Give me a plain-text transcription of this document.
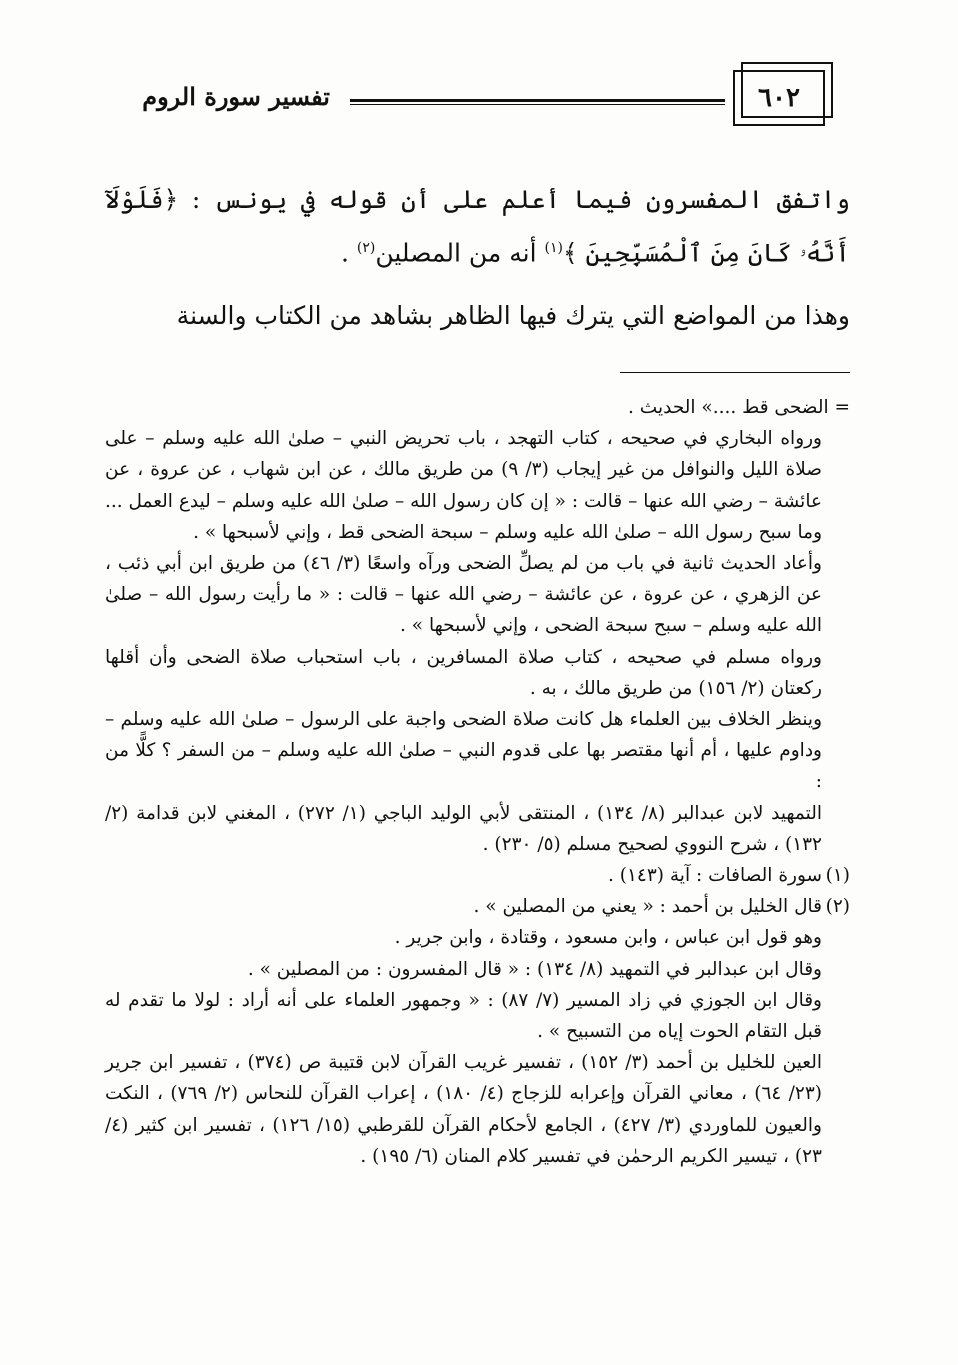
٦٠٢
تفسير سورة الروم
واتفق المفسرون فيما أعلم على أن قوله في يونس : ﴿فَلَوْلَآ أَنَّهُۥ كَانَ مِنَ ٱلْمُسَبِّحِينَ ﴾$^{(١)}$ أنه من المصلين$^{(٢)}$ .
وهذا من المواضع التي يترك فيها الظاهر بشاهد من الكتاب والسنة

= الضحى قط ....» الحديث .

ورواه البخاري في صحيحه ، كتاب التهجد ، باب تحريض النبي – صلىٰ الله عليه وسلم – على صلاة الليل والنوافل من غير إيجاب (٣/ ٩) من طريق مالك ، عن ابن شهاب ، عن عروة ، عن عائشة – رضي الله عنها – قالت : « إن كان رسول الله – صلىٰ الله عليه وسلم – ليدع العمل ... وما سبح رسول الله – صلىٰ الله عليه وسلم – سبحة الضحى قط ، وإني لأسبحها » .

وأعاد الحديث ثانية في باب من لم يصلِّ الضحى ورآه واسعًا (٣/ ٤٦) من طريق ابن أبي ذئب ، عن الزهري ، عن عروة ، عن عائشة – رضي الله عنها – قالت : « ما رأيت رسول الله – صلىٰ الله عليه وسلم – سبح سبحة الضحى ، وإني لأسبحها » .

ورواه مسلم في صحيحه ، كتاب صلاة المسافرين ، باب استحباب صلاة الضحى وأن أقلها ركعتان (٢/ ١٥٦) من طريق مالك ، به .

وينظر الخلاف بين العلماء هل كانت صلاة الضحى واجبة على الرسول – صلىٰ الله عليه وسلم – وداوم عليها ، أم أنها مقتصر بها على قدوم النبي – صلىٰ الله عليه وسلم – من السفر ؟ كلًّا من :

التمهيد لابن عبدالبر (٨/ ١٣٤) ، المنتقى لأبي الوليد الباجي (١/ ٢٧٢) ، المغني لابن قدامة (٢/ ١٣٢) ، شرح النووي لصحيح مسلم (٥/ ٢٣٠) .

(١)سورة الصافات : آية (١٤٣) .

(٢)قال الخليل بن أحمد : « يعني من المصلين » .

وهو قول ابن عباس ، وابن مسعود ، وقتادة ، وابن جرير .

وقال ابن عبدالبر في التمهيد (٨/ ١٣٤) : « قال المفسرون : من المصلين » .

وقال ابن الجوزي في زاد المسير (٧/ ٨٧) : « وجمهور العلماء على أنه أراد : لولا ما تقدم له قبل التقام الحوت إياه من التسبيح » .

العين للخليل بن أحمد (٣/ ١٥٢) ، تفسير غريب القرآن لابن قتيبة ص (٣٧٤) ، تفسير ابن جرير (٢٣/ ٦٤) ، معاني القرآن وإعرابه للزجاج (٤/ ١٨٠) ، إعراب القرآن للنحاس (٢/ ٧٦٩) ، النكت والعيون للماوردي (٣/ ٤٢٧) ، الجامع لأحكام القرآن للقرطبي (١٥/ ١٢٦) ، تفسير ابن كثير (٤/ ٢٣) ، تيسير الكريم الرحمٰن في تفسير كلام المنان (٦/ ١٩٥) .
